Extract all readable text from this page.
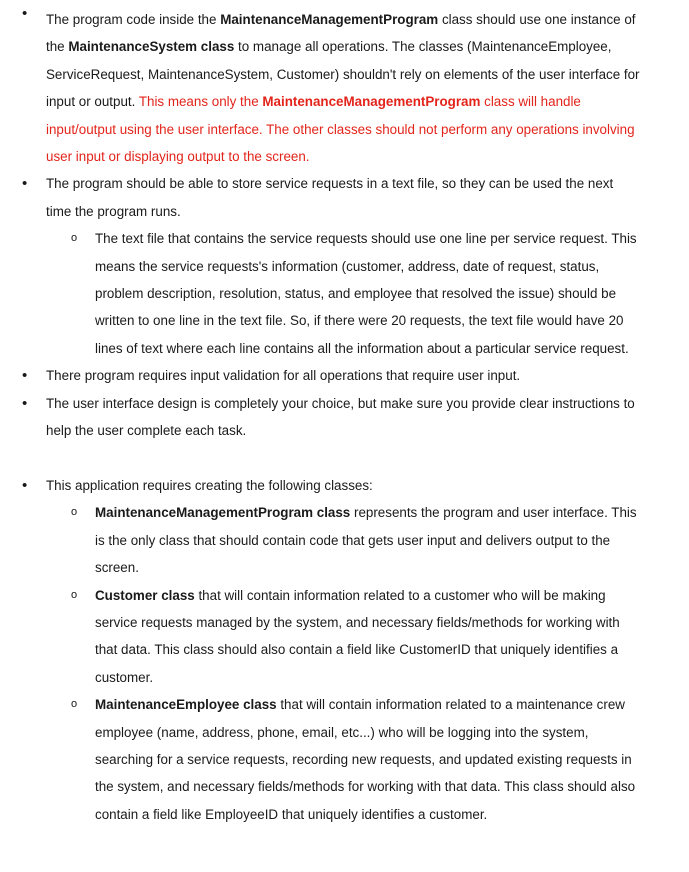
• The program code inside the MaintenanceManagementProgram class should use one instance of the MaintenanceSystem class to manage all operations. The classes (MaintenanceEmployee, ServiceRequest, MaintenanceSystem, Customer) shouldn't rely on elements of the user interface for input or output. This means only the MaintenanceManagementProgram class will handle input/output using the user interface. The other classes should not perform any operations involving user input or displaying output to the screen.

• The program should be able to store service requests in a text file, so they can be used the next time the program runs.

o The text file that contains the service requests should use one line per service request. This means the service requests's information (customer, address, date of request, status, problem description, resolution, status, and employee that resolved the issue) should be written to one line in the text file. So, if there were 20 requests, the text file would have 20 lines of text where each line contains all the information about a particular service request.

• There program requires input validation for all operations that require user input.

• The user interface design is completely your choice, but make sure you provide clear instructions to help the user complete each task.

• This application requires creating the following classes:

o MaintenanceManagementProgram class represents the program and user interface. This is the only class that should contain code that gets user input and delivers output to the screen.

o Customer class that will contain information related to a customer who will be making service requests managed by the system, and necessary fields/methods for working with that data. This class should also contain a field like CustomerID that uniquely identifies a customer.

o MaintenanceEmployee class that will contain information related to a maintenance crew employee (name, address, phone, email, etc...) who will be logging into the system, searching for a service requests, recording new requests, and updated existing requests in the system, and necessary fields/methods for working with that data. This class should also contain a field like EmployeeID that uniquely identifies a customer.
